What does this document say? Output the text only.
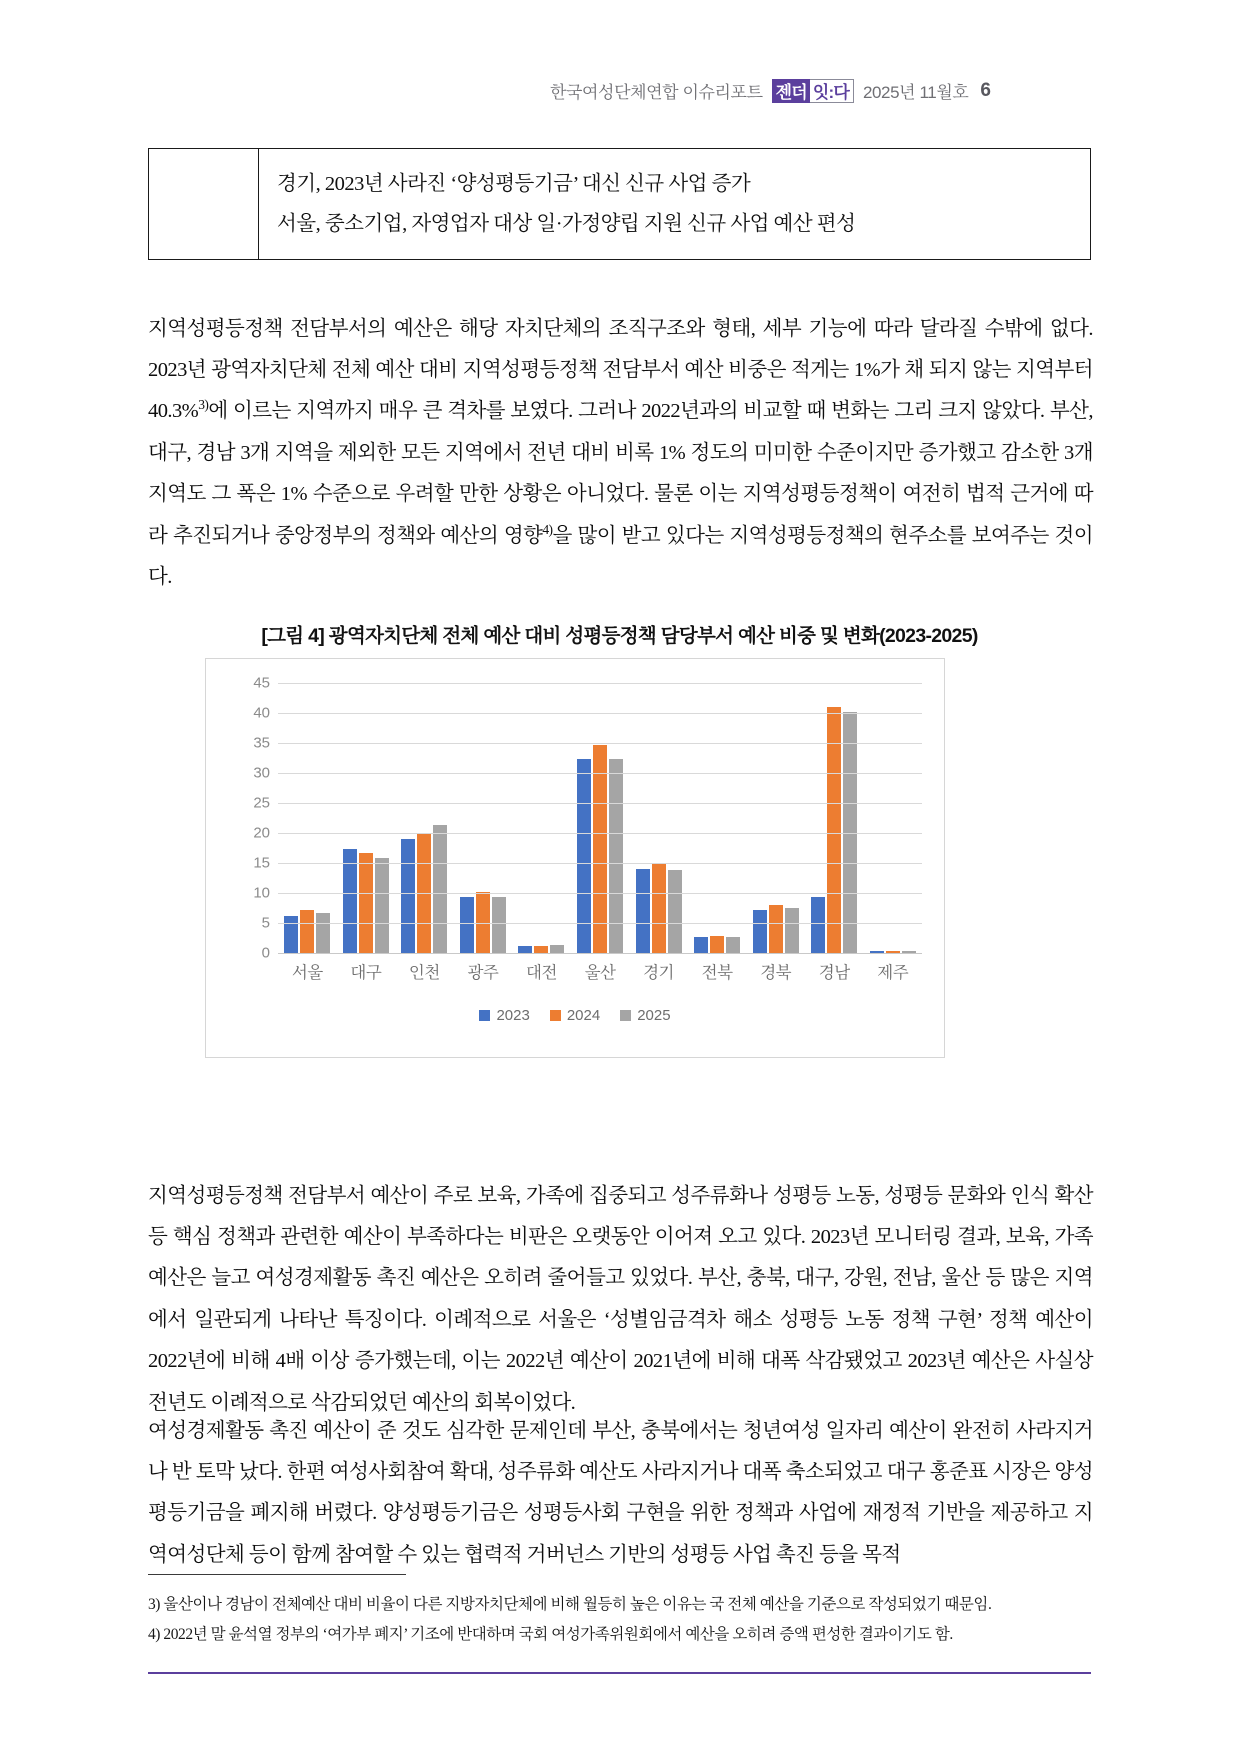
한국여성단체연합 이슈리포트 젠더 잇:다 2025년 11월호 6
경기, 2023년 사라진 ‘양성평등기금’ 대신 신규 사업 증가
서울, 중소기업, 자영업자 대상 일·가정양립 지원 신규 사업 예산 편성

지역성평등정책 전담부서의 예산은 해당 자치단체의 조직구조와 형태, 세부 기능에 따라 달라질 수밖에 없다. 2023년 광역자치단체 전체 예산 대비 지역성평등정책 전담부서 예산 비중은 적게는 1%가 채 되지 않는 지역부터 40.3%$^{3)}$에 이르는 지역까지 매우 큰 격차를 보였다. 그러나 2022년과의 비교할 때 변화는 그리 크지 않았다. 부산, 대구, 경남 3개 지역을 제외한 모든 지역에서 전년 대비 비록 1% 정도의 미미한 수준이지만 증가했고 감소한 3개 지역도 그 폭은 1% 수준으로 우려할 만한 상황은 아니었다. 물론 이는 지역성평등정책이 여전히 법적 근거에 따라 추진되거나 중앙정부의 정책와 예산의 영향$^{4)}$을 많이 받고 있다는 지역성평등정책의 현주소를 보여주는 것이다.

[그림 4] 광역자치단체 전체 예산 대비 성평등정책 담당부서 예산 비중 및 변화(2023-2025)
0
5
10
15
20
25
30
35
40
45
서울	대구	인천	광주	대전	울산	경기	전북	경북	경남	제주
2023 2024 2025

지역성평등정책 전담부서 예산이 주로 보육, 가족에 집중되고 성주류화나 성평등 노동, 성평등 문화와 인식 확산 등 핵심 정책과 관련한 예산이 부족하다는 비판은 오랫동안 이어져 오고 있다. 2023년 모니터링 결과, 보육, 가족 예산은 늘고 여성경제활동 촉진 예산은 오히려 줄어들고 있었다. 부산, 충북, 대구, 강원, 전남, 울산 등 많은 지역에서 일관되게 나타난 특징이다. 이례적으로 서울은 ‘성별임금격차 해소 성평등 노동 정책 구현’ 정책 예산이 2022년에 비해 4배 이상 증가했는데, 이는 2022년 예산이 2021년에 비해 대폭 삭감됐었고 2023년 예산은 사실상 전년도 이례적으로 삭감되었던 예산의 회복이었다.

여성경제활동 촉진 예산이 준 것도 심각한 문제인데 부산, 충북에서는 청년여성 일자리 예산이 완전히 사라지거나 반 토막 났다. 한편 여성사회참여 확대, 성주류화 예산도 사라지거나 대폭 축소되었고 대구 홍준표 시장은 양성평등기금을 폐지해 버렸다. 양성평등기금은 성평등사회 구현을 위한 정책과 사업에 재정적 기반을 제공하고 지역여성단체 등이 함께 참여할 수 있는 협력적 거버넌스 기반의 성평등 사업 촉진 등을 목적

3) 울산이나 경남이 전체예산 대비 비율이 다른 지방자치단체에 비해 월등히 높은 이유는 국 전체 예산을 기준으로 작성되었기 때문임.
4) 2022년 말 윤석열 정부의 ‘여가부 폐지’ 기조에 반대하며 국회 여성가족위원회에서 예산을 오히려 증액 편성한 결과이기도 함.
